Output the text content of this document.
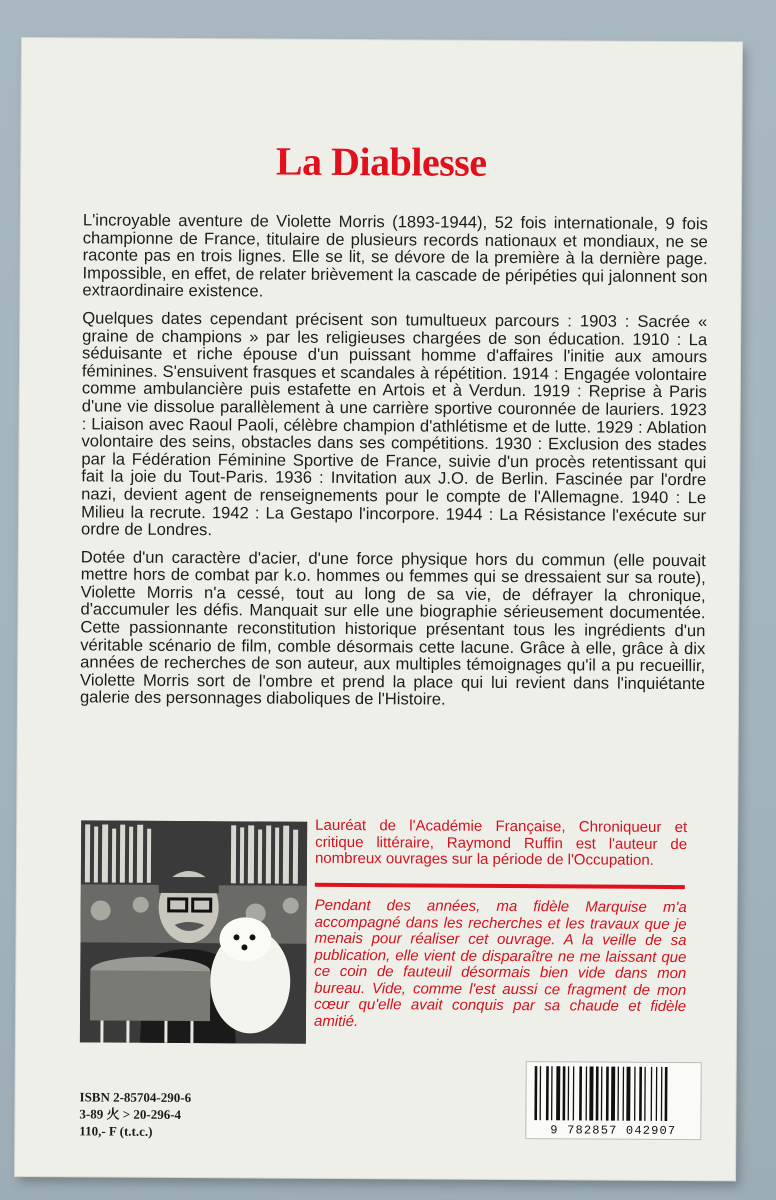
La Diablesse

L'incroyable aventure de Violette Morris (1893-1944), 52 fois internationale, 9 fois championne de France, titulaire de plusieurs records nationaux et mondiaux, ne se raconte pas en trois lignes. Elle se lit, se dévore de la première à la dernière page. Impossible, en effet, de relater brièvement la cascade de péripéties qui jalonnent son extraordinaire existence.

Quelques dates cependant précisent son tumultueux parcours : 1903 : Sacrée « graine de champions » par les religieuses chargées de son éducation. 1910 : La séduisante et riche épouse d'un puissant homme d'affaires l'initie aux amours féminines. S'ensuivent frasques et scandales à répétition. 1914 : Engagée volontaire comme ambulancière puis estafette en Artois et à Verdun. 1919 : Reprise à Paris d'une vie dissolue parallèlement à une carrière sportive couronnée de lauriers. 1923 : Liaison avec Raoul Paoli, célèbre champion d'athlétisme et de lutte. 1929 : Ablation volontaire des seins, obstacles dans ses compétitions. 1930 : Exclusion des stades par la Fédération Féminine Sportive de France, suivie d'un procès retentissant qui fait la joie du Tout-Paris. 1936 : Invitation aux J.O. de Berlin. Fascinée par l'ordre nazi, devient agent de renseignements pour le compte de l'Allemagne. 1940 : Le Milieu la recrute. 1942 : La Gestapo l'incorpore. 1944 : La Résistance l'exécute sur ordre de Londres.

Dotée d'un caractère d'acier, d'une force physique hors du commun (elle pouvait mettre hors de combat par k.o. hommes ou femmes qui se dressaient sur sa route), Violette Morris n'a cessé, tout au long de sa vie, de défrayer la chronique, d'accumuler les défis. Manquait sur elle une biographie sérieusement documentée. Cette passionnante reconstitution historique présentant tous les ingrédients d'un véritable scénario de film, comble désormais cette lacune. Grâce à elle, grâce à dix années de recherches de son auteur, aux multiples témoignages qu'il a pu recueillir, Violette Morris sort de l'ombre et prend la place qui lui revient dans l'inquiétante galerie des personnages diaboliques de l'Histoire.

Lauréat de l'Académie Française, Chroniqueur et critique littéraire, Raymond Ruffin est l'auteur de nombreux ouvrages sur la période de l'Occupation.
Pendant des années, ma fidèle Marquise m'a accompagné dans les recherches et les travaux que je menais pour réaliser cet ouvrage. A la veille de sa publication, elle vient de disparaître ne me laissant que ce coin de fauteuil désormais bien vide dans mon bureau. Vide, comme l'est aussi ce fragment de mon cœur qu'elle avait conquis par sa chaude et fidèle amitié.
ISBN 2-85704-290-6
3-89 火 > 20-296-4
110,- F (t.t.c.)	9 782857 042907
